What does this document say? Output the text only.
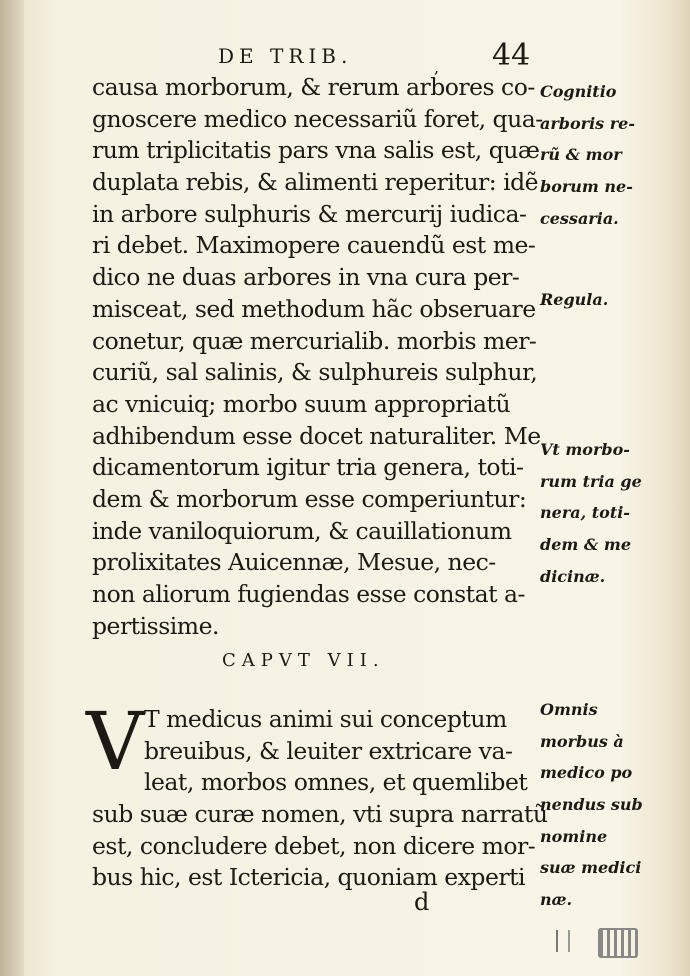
DE TRIB.	, 44
causa morborum, & rerum arbores co-
gnoscere medico necessariũ foret, qua-
rum triplicitatis pars vna salis est, quæ
duplata rebis, & alimenti reperitur: idẽ
in arbore sulphuris & mercurij iudica-
ri debet. Maximopere cauendũ est me-
dico ne duas arbores in vna cura per-
misceat, sed methodum hãc obseruare
conetur, quæ mercurialib. morbis mer-
curiũ, sal salinis, & sulphureis sulphur,
ac vnicuiq; morbo suum appropriatũ
adhibendum esse docet naturaliter. Me
dicamentorum igitur tria genera, toti-
dem & morborum esse comperiuntur:
inde vaniloquiorum, & cauillationum
prolixitates Auicennæ, Mesue, nec-
non aliorum fugiendas esse constat a-
pertissime.
Cognitio
arboris re-
rũ & mor
borum ne-
cessaria.
Regula.
Vt morbo-
rum tria ge
nera, toti-
dem & me
dicinæ.
CAPVT VII.
V T medicus animi sui conceptum
breuibus, & leuiter extricare va-
leat, morbos omnes, et quemlibet
sub suæ curæ nomen, vti supra narratũ
est, concludere debet, non dicere mor-
bus hic, est Ictericia, quoniam experti
Omnis
morbus à
medico po
nendus sub
nomine
suæ medici
næ.
d
